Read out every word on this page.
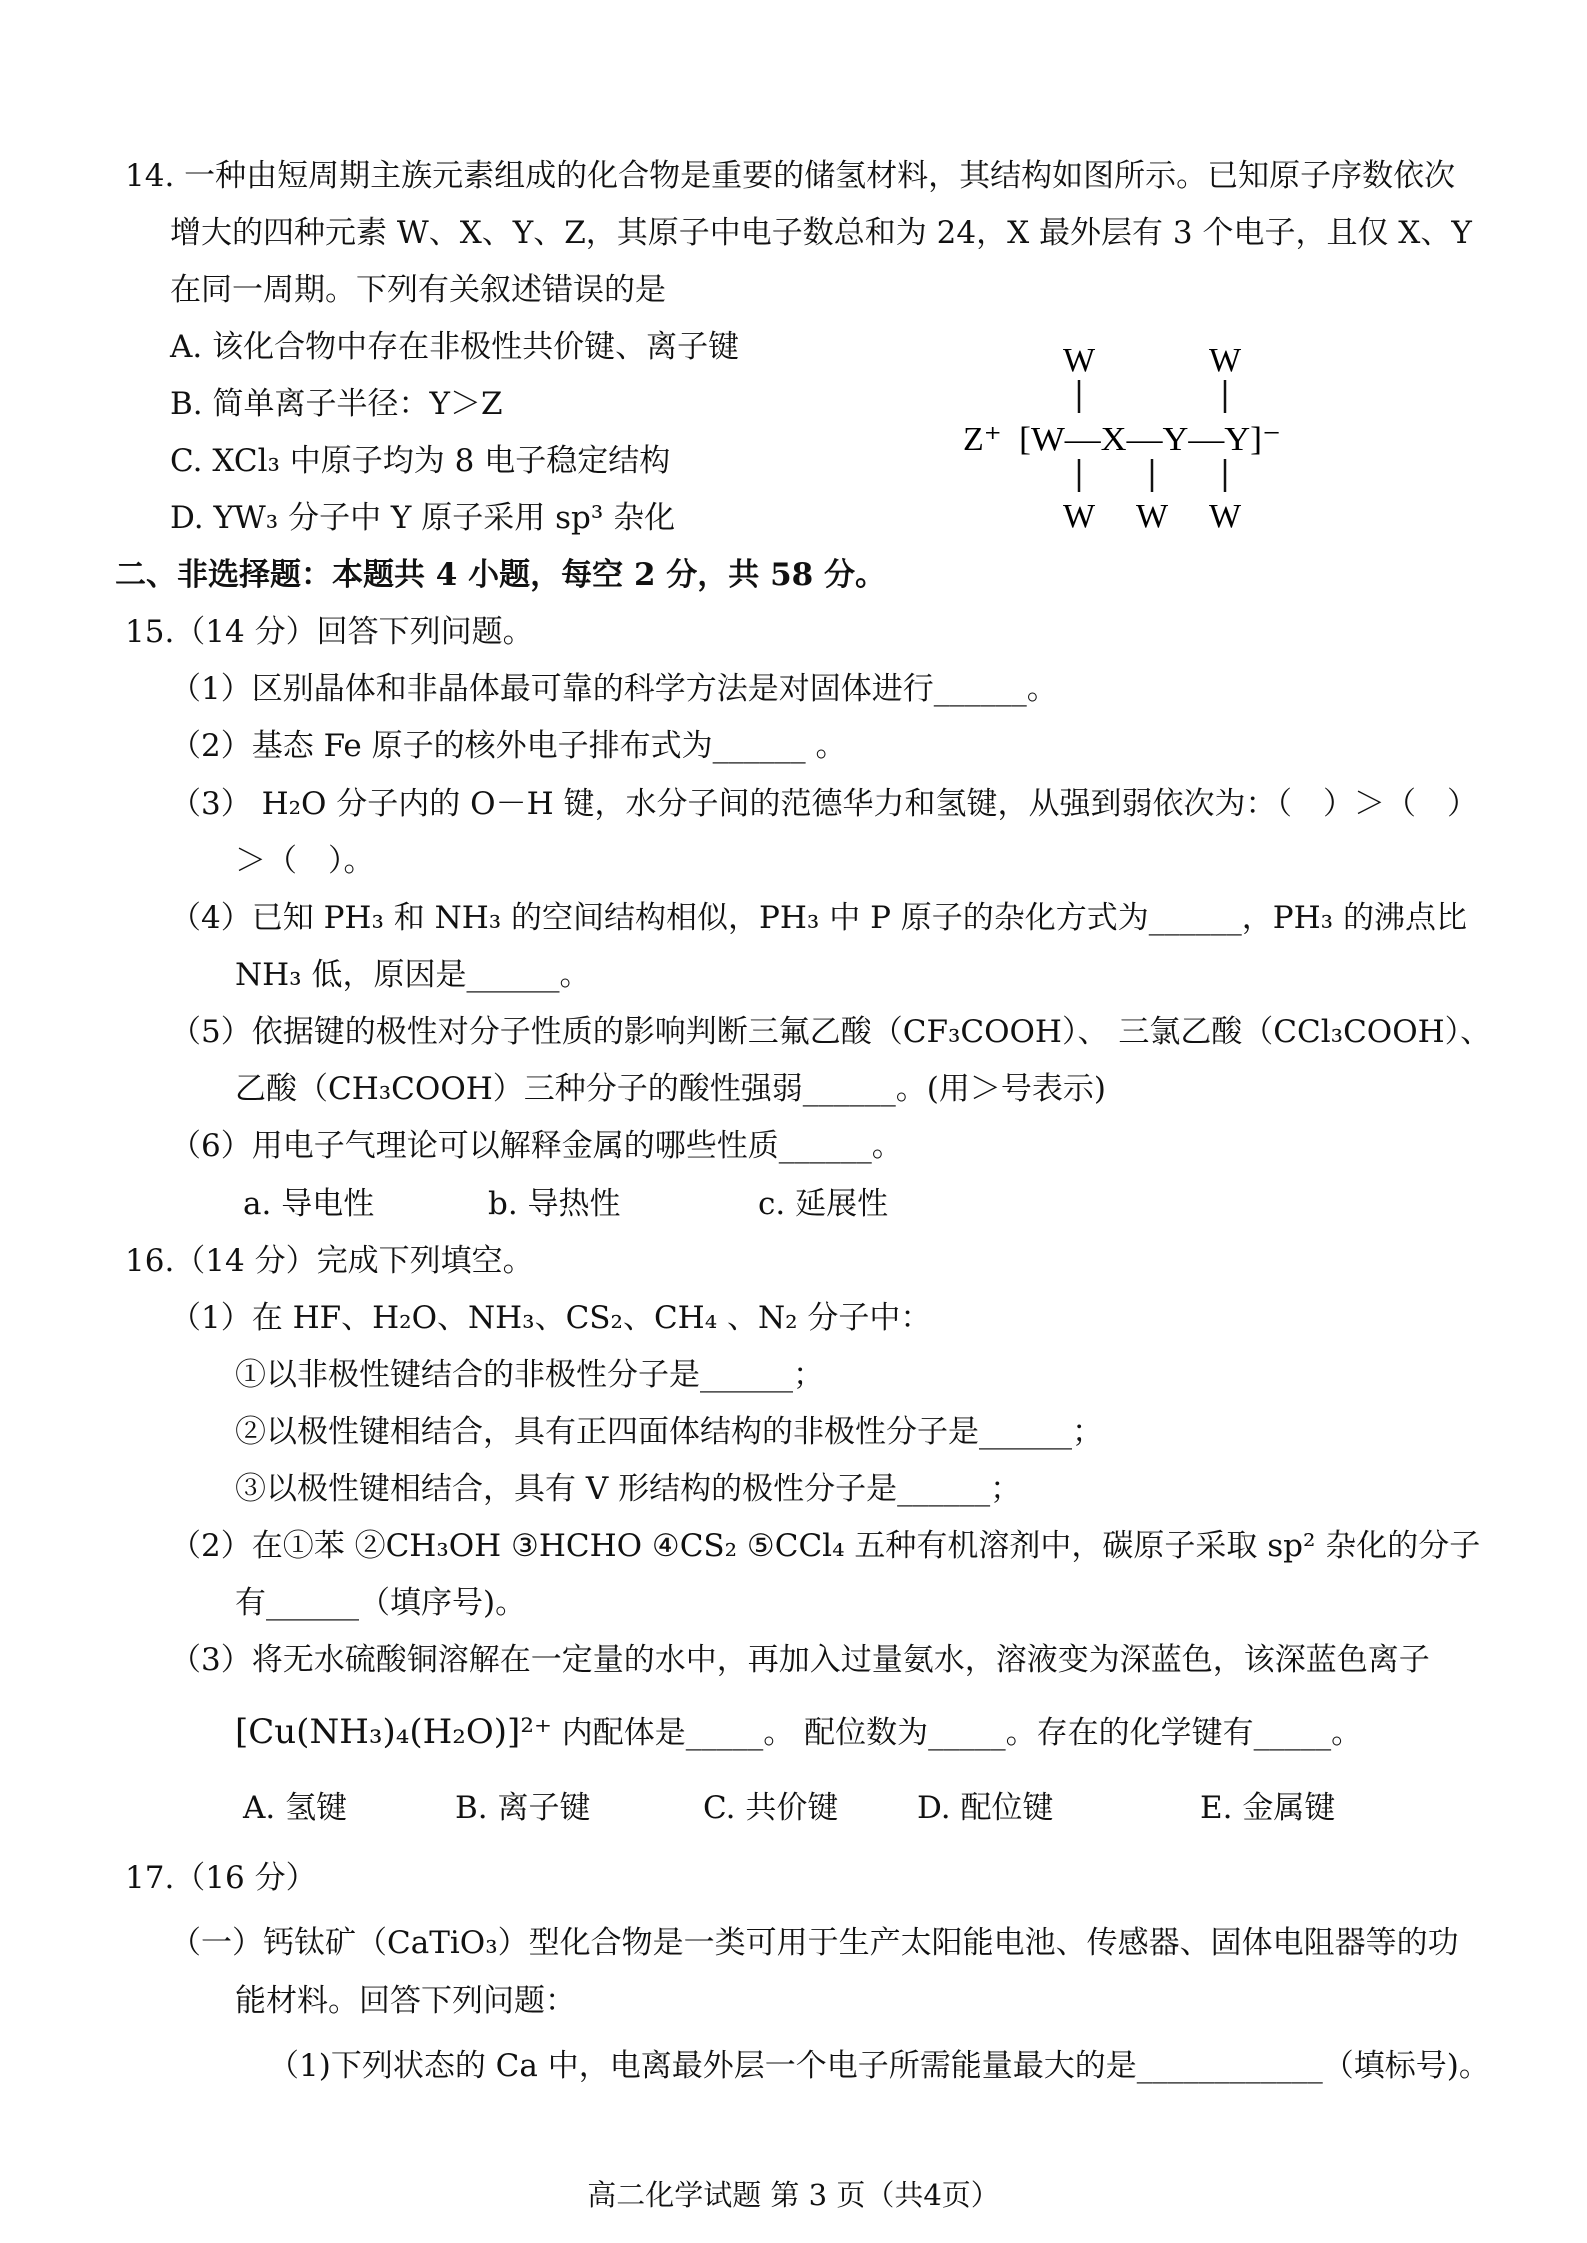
14. 一种由短周期主族元素组成的化合物是重要的储氢材料，其结构如图所示。已知原子序数依次
增大的四种元素 W、X、Y、Z，其原子中电子数总和为 24，X 最外层有 3 个电子，且仅 X、Y
在同一周期。下列有关叙述错误的是
A. 该化合物中存在非极性共价键、离子键
B. 简单离子半径：Y＞Z
C. XCl₃ 中原子均为 8 电子稳定结构
D. YW₃ 分子中 Y 原子采用 sp³ 杂化
Z⁺ [W—X—Y—Y]⁻
W	W
W W W
二、非选择题：本题共 4 小题，每空 2 分，共 58 分。
15.（14 分）回答下列问题。
（1）区别晶体和非晶体最可靠的科学方法是对固体进行______。
（2）基态 Fe 原子的核外电子排布式为______ 。
（3） H₂O 分子内的 O－H 键，水分子间的范德华力和氢键，从强到弱依次为：（　）＞（　）
＞（　）。
（4）已知 PH₃ 和 NH₃ 的空间结构相似，PH₃ 中 P 原子的杂化方式为______，PH₃ 的沸点比
NH₃ 低，原因是______。
（5）依据键的极性对分子性质的影响判断三氟乙酸（CF₃COOH）、 三氯乙酸（CCl₃COOH）、
乙酸（CH₃COOH）三种分子的酸性强弱______。(用＞号表示)
（6）用电子气理论可以解释金属的哪些性质______。
a. 导电性	b. 导热性	c. 延展性
16.（14 分）完成下列填空。
（1）在 HF、H₂O、NH₃、CS₂、CH₄ 、N₂ 分子中：
①以非极性键结合的非极性分子是______；
②以极性键相结合，具有正四面体结构的非极性分子是______；
③以极性键相结合，具有 V 形结构的极性分子是______；
（2）在①苯 ②CH₃OH ③HCHO ④CS₂ ⑤CCl₄ 五种有机溶剂中，碳原子采取 sp² 杂化的分子
有______（填序号)。
（3）将无水硫酸铜溶解在一定量的水中，再加入过量氨水，溶液变为深蓝色，该深蓝色离子
[Cu(NH₃)₄(H₂O)]²⁺ 内配体是_____。 配位数为_____。存在的化学键有_____。
A. 氢键	B. 离子键	C. 共价键	D. 配位键	E. 金属键
17.（16 分）
（一）钙钛矿（CaTiO₃）型化合物是一类可用于生产太阳能电池、传感器、固体电阻器等的功
能材料。回答下列问题：
（1)下列状态的 Ca 中，电离最外层一个电子所需能量最大的是____________（填标号)。
高二化学试题 第 3 页（共4页）
